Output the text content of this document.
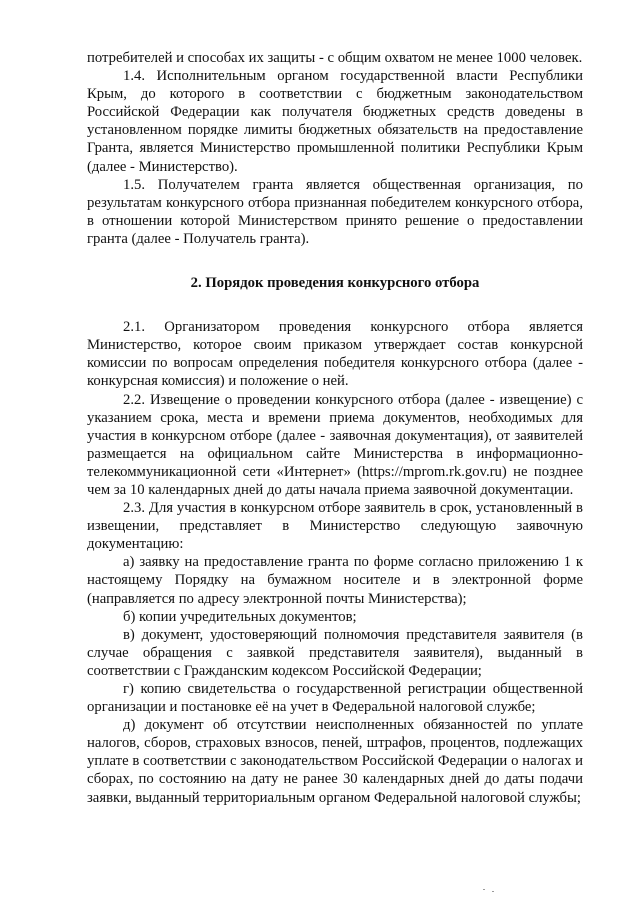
потребителей и способах их защиты - с общим охватом не менее 1000 человек.

1.4. Исполнительным органом государственной власти Республики Крым, до которого в соответствии с бюджетным законодательством Российской Федерации как получателя бюджетных средств доведены в установленном порядке лимиты бюджетных обязательств на предоставление Гранта, является Министерство промышленной политики Республики Крым (далее - Министерство).

1.5. Получателем гранта является общественная организация, по результатам конкурсного отбора признанная победителем конкурсного отбора, в отношении которой Министерством принято решение о предоставлении гранта (далее - Получатель гранта).

2. Порядок проведения конкурсного отбора

2.1. Организатором проведения конкурсного отбора является Министерство, которое своим приказом утверждает состав конкурсной комиссии по вопросам определения победителя конкурсного отбора (далее - конкурсная комиссия) и положение о ней.

2.2. Извещение о проведении конкурсного отбора (далее - извещение) с указанием срока, места и времени приема документов, необходимых для участия в конкурсном отборе (далее - заявочная документация), от заявителей размещается на официальном сайте Министерства в информационно-телекоммуникационной сети «Интернет» (https://mprom.rk.gov.ru) не позднее чем за 10 календарных дней до даты начала приема заявочной документации.

2.3. Для участия в конкурсном отборе заявитель в срок, установленный в извещении, представляет в Министерство следующую заявочную документацию:

а) заявку на предоставление гранта по форме согласно приложению 1 к настоящему Порядку на бумажном носителе и в электронной форме (направляется по адресу электронной почты Министерства);

б) копии учредительных документов;

в) документ, удостоверяющий полномочия представителя заявителя (в случае обращения с заявкой представителя заявителя), выданный в соответствии с Гражданским кодексом Российской Федерации;

г) копию свидетельства о государственной регистрации общественной организации и постановке её на учет в Федеральной налоговой службе;

д) документ об отсутствии неисполненных обязанностей по уплате налогов, сборов, страховых взносов, пеней, штрафов, процентов, подлежащих уплате в соответствии с законодательством Российской Федерации о налогах и сборах, по состоянию на дату не ранее 30 календарных дней до даты подачи заявки, выданный территориальным органом Федеральной налоговой службы;
